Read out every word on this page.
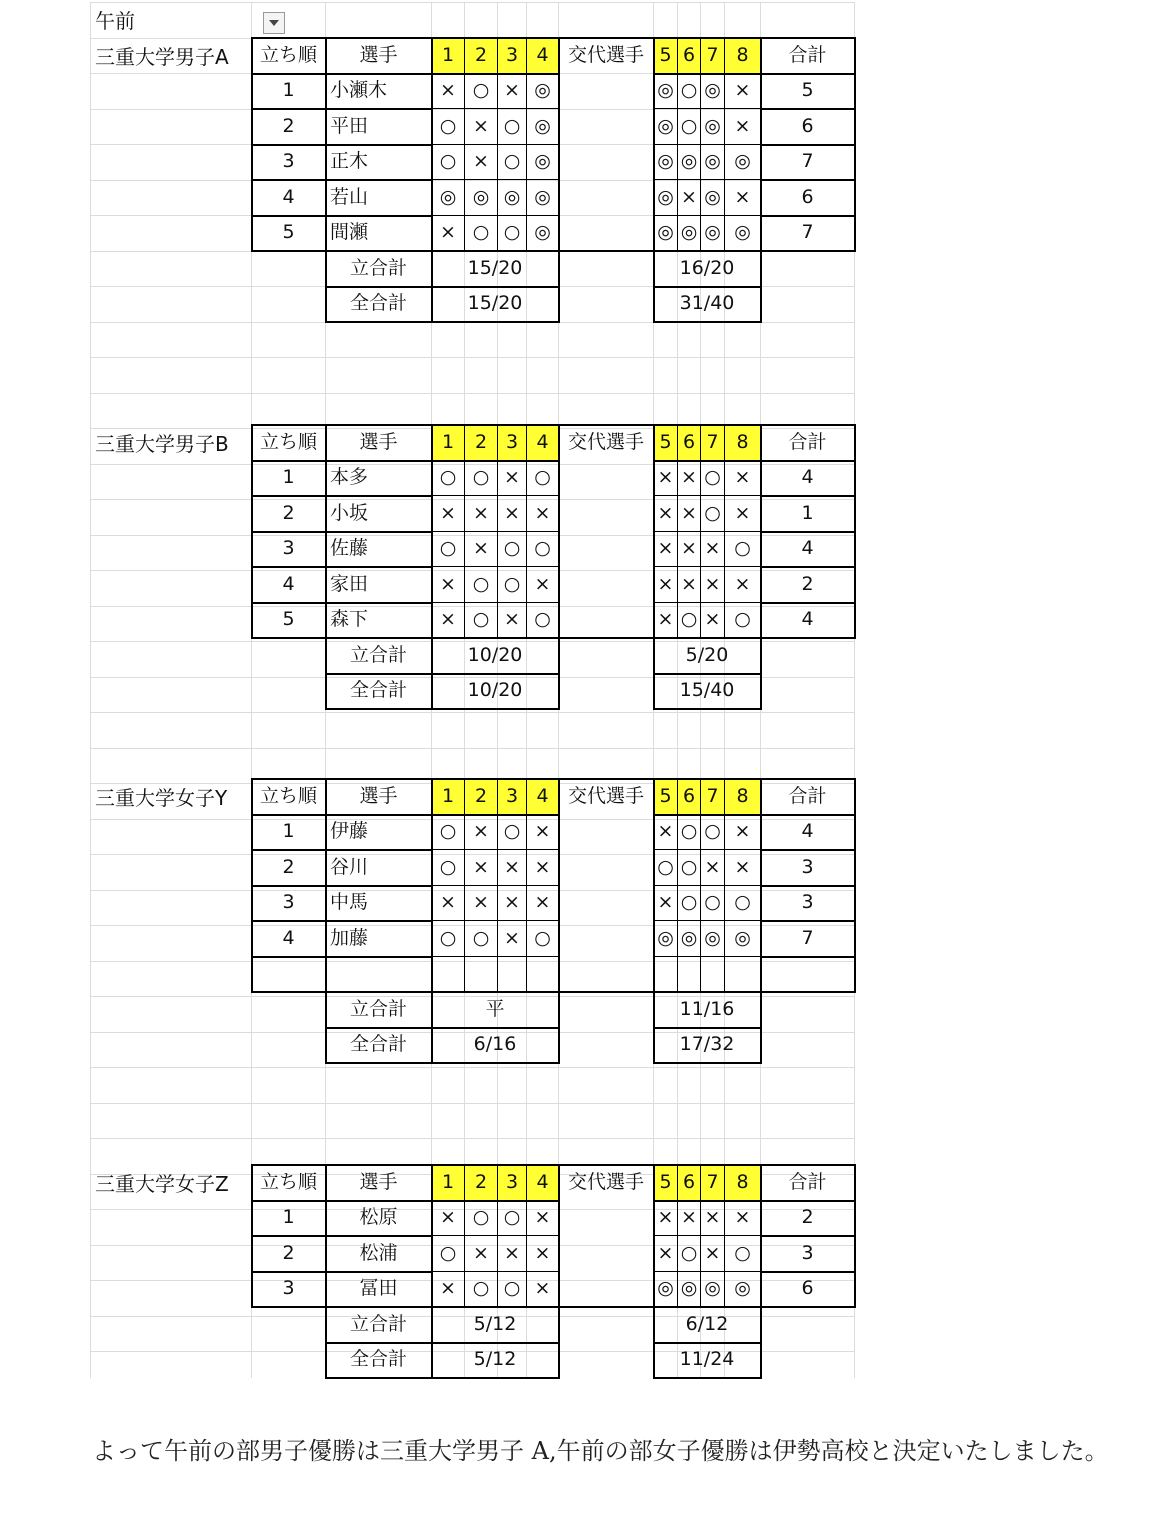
午前
三重大学男子A	立ち順	選手	1	2 3 4	交代選手 5 6 7 8	合計
1	小瀬木	× ○ × ◎	◎ ○ ◎ ×	5
2	平田	○ × ○ ◎	◎ ○ ◎ ×	6
3	正木	○ × ○ ◎	◎ ◎ ◎ ◎	7
4	若山	◎ ◎ ◎ ◎	◎ × ◎ ×	6
5	間瀬	× ○ ○ ◎	◎ ◎ ◎ ◎	7
立合計	15/20	16/20
全合計	15/20	31/40
三重大学男子B	立ち順	選手	1	2 3 4	交代選手 5 6 7 8	合計
1	本多	○ ○ × ○	× × ○ ×	4
2	小坂	× × × ×	× × ○ ×	1
3	佐藤	○ × ○ ○	× × × ○	4
4	家田	× ○ ○ ×	× × × ×	2
5	森下	× ○ × ○	× ○ × ○	4
立合計	10/20	5/20
全合計	10/20	15/40
三重大学女子Y	立ち順	選手	1	2 3 4	交代選手 5 6 7 8	合計
1	伊藤	○ × ○ ×	× ○ ○ ×	4
2	谷川	○ × × ×	○ ○ × ×	3
3	中馬	× × × ×	× ○ ○ ○	3
4	加藤	○ ○ × ○	◎ ◎ ◎ ◎	7
立合計	平	11/16
全合計	6/16	17/32
三重大学女子Z	立ち順	選手	1	2 3 4	交代選手 5 6 7 8	合計
1	松原	× ○ ○ ×	× × × ×	2
2	松浦	○ × × ×	× ○ × ○	3
3	冨田	× ○ ○ ×	◎ ◎ ◎ ◎	6
立合計	5/12	6/12
全合計	5/12	11/24
よって午前の部男子優勝は三重大学男子 A,午前の部女子優勝は伊勢高校と決定いたしました。
